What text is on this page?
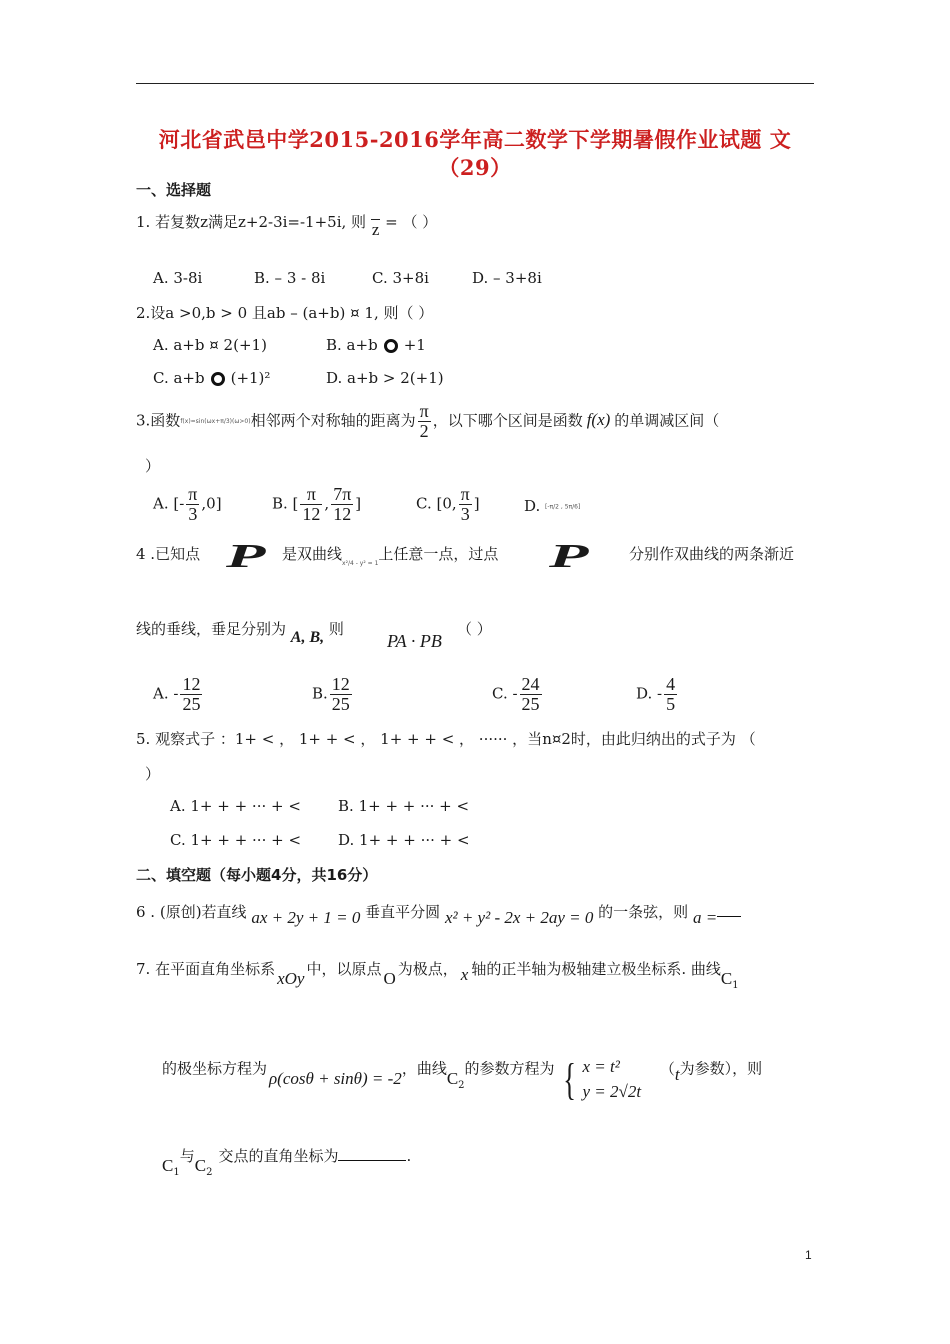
河北省武邑中学2015-2016学年高二数学下学期暑假作业试题 文
（29）
一、选择题
1. 若复数z满足z+2-3i=-1+5i, 则 z = （ ）
A. 3-8i	B. – 3 - 8i	C. 3+8i	D. – 3+8i
2.设a >0,b > 0 且ab – (a+b) ¤ 1, 则（ ）
A. a+b ¤ 2(+1)	B. a+b +1
C. a+b (+1)²	D. a+b > 2(+1)
3.函数f(x)=sin(ωx+π/3)(ω>0)相邻两个对称轴的距离为 $\frac{\pi}{2}$ ，以下哪个区间是函数 f(x) 的单调减区间（
）
A. [- $\frac{\pi}{3} ,0$]	B. [ $\frac{\pi}{12}$ , $\frac{7\pi}{12}$ ]	C. [0, $\frac{\pi}{3}$ ]	D. [-π/2 , 5π/6]
4 .已知点 P 是双曲线$_{x^2/4 - y^2 = 1}$上任意一点，过点 P	分别作双曲线的两条渐近
线的垂线，垂足分别为 A, B, 则
PA · PB
（ ）
A. - $\frac{12}{25}$	B. $\frac{12}{25}$	C. - $\frac{24}{25}$	D. - $\frac{4}{5}$
5. 观察式子 ：1+ < ， 1+ + < ， 1+ + + < ， ······ ，当n¤2时，由此归纳出的式子为 （
）
A. 1+ + + ··· + < B. 1+ + + ··· + <
C. 1+ + + ··· + < D. 1+ + + ··· + <
二、填空题（每小题4分，共16分）
6 . (原创)若直线 ax + 2y + 1 = 0 垂直平分圆 x² + y² - 2x + 2ay = 0 的一条弦，则 a =
7. 在平面直角坐标系 xOy 中，以原点 O 为极点， x 轴的正半轴为极轴建立极坐标系. 曲线$C_1$
的极坐标方程为 ρ(cosθ + sinθ) = -2，曲线$C_2$的参数方程为 { x = t²
y = 2√2t
（t为参数），则
$C_1$与$C_2$交点的直角坐标为	.
1
